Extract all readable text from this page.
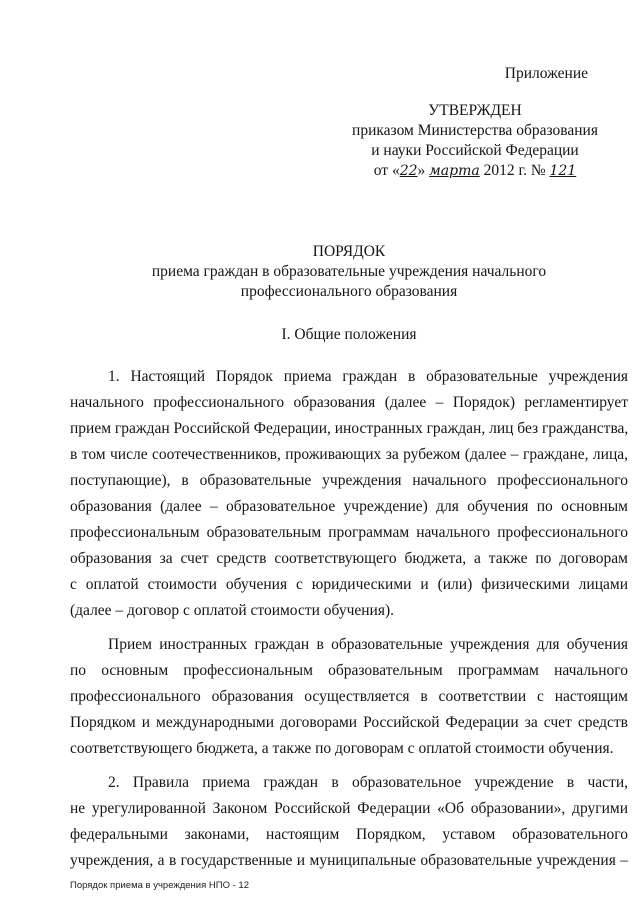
Приложение
УТВЕРЖДЕН
приказом Министерства образования
и науки Российской Федерации
от «22» марта 2012 г. № 121
ПОРЯДОК
приема граждан в образовательные учреждения начального
профессионального образования
I. Общие положения
1. Настоящий Порядок приема граждан в образовательные учреждения
начального профессионального образования (далее – Порядок) регламентирует
прием граждан Российской Федерации, иностранных граждан, лиц без гражданства,
в том числе соотечественников, проживающих за рубежом (далее – граждане, лица,
поступающие), в образовательные учреждения начального профессионального
образования (далее – образовательное учреждение) для обучения по основным
профессиональным образовательным программам начального профессионального
образования за счет средств соответствующего бюджета, а также по договорам
с оплатой стоимости обучения с юридическими и (или) физическими лицами
(далее – договор с оплатой стоимости обучения).
Прием иностранных граждан в образовательные учреждения для обучения
по основным профессиональным образовательным программам начального
профессионального образования осуществляется в соответствии с настоящим
Порядком и международными договорами Российской Федерации за счет средств
соответствующего бюджета, а также по договорам с оплатой стоимости обучения.
2. Правила приема граждан в образовательное учреждение в части,
не урегулированной Законом Российской Федерации «Об образовании», другими
федеральными законами, настоящим Порядком, уставом образовательного
учреждения, а в государственные и муниципальные образовательные учреждения –
Порядок приема в учреждения НПО - 12
